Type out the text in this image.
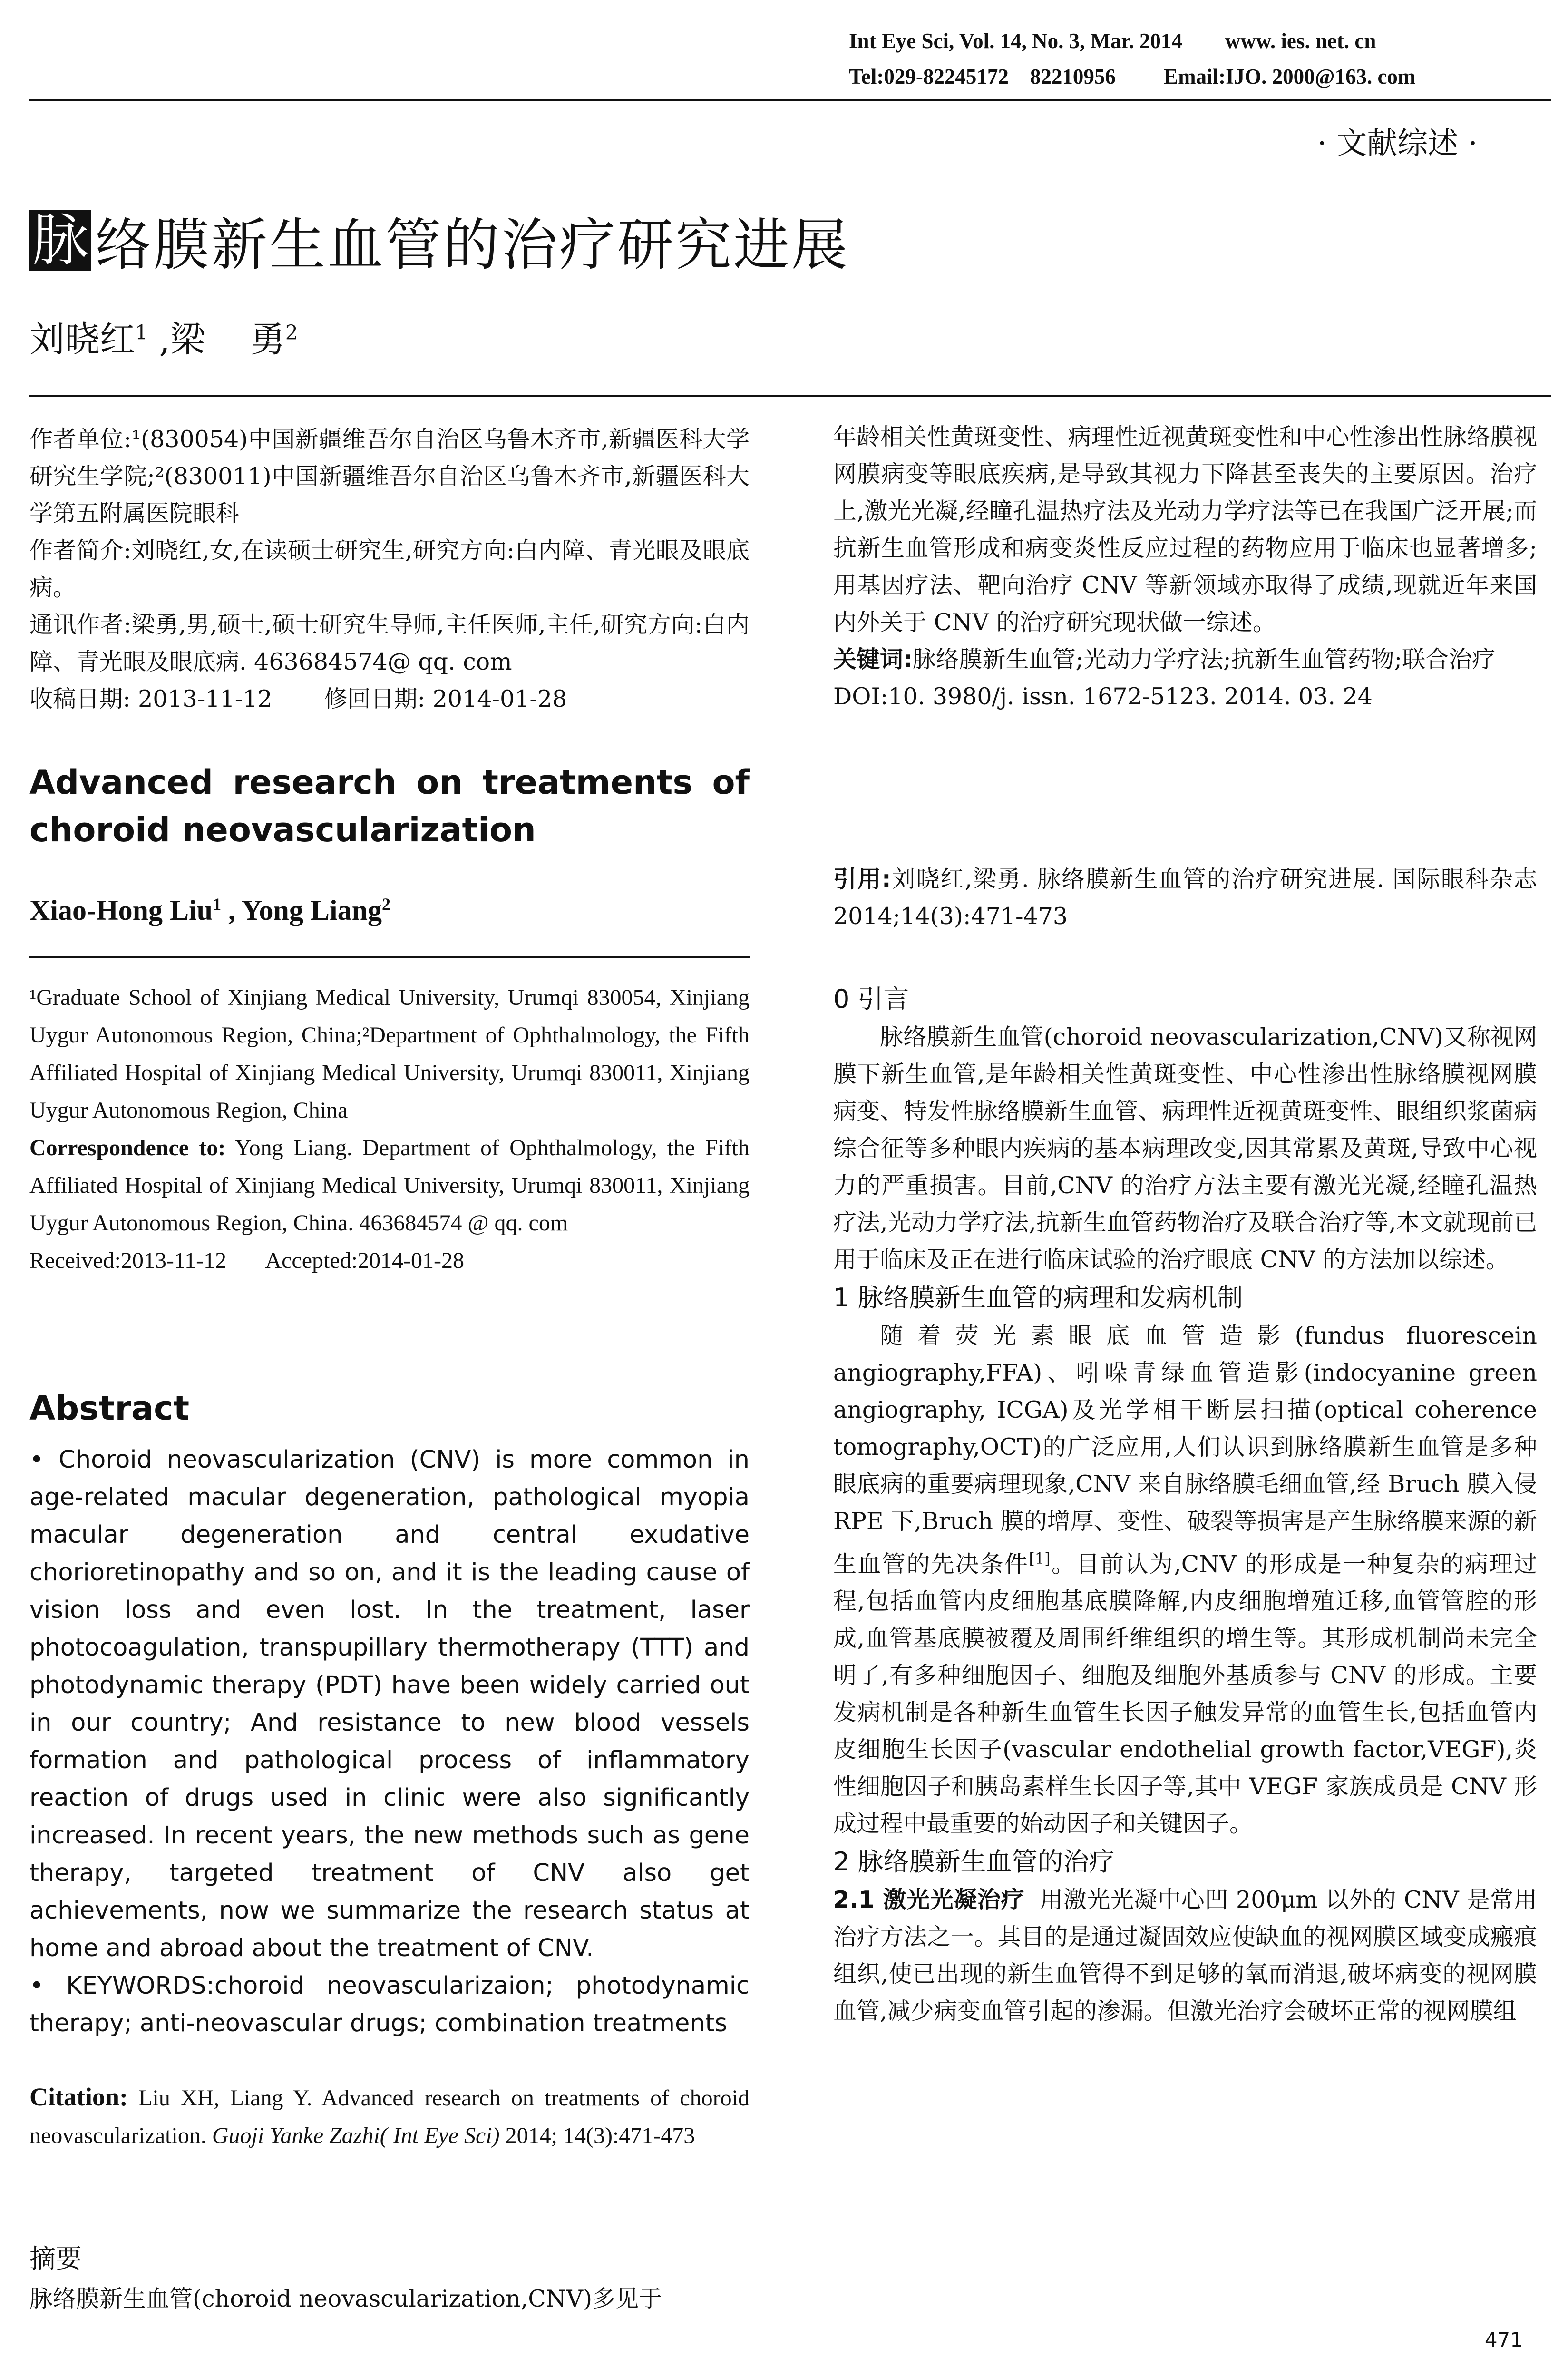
Int Eye Sci, Vol. 14, No. 3, Mar. 2014        www. ies. net. cn
Tel:029-82245172    82210956         Email:IJO. 2000@163. com
· 文献综述 ·
脉 络膜新生血管的治疗研究进展
刘晓红$^1$ ,梁    勇$^2$

作者单位:¹(830054)中国新疆维吾尔自治区乌鲁木齐市,新疆医科大学研究生学院;²(830011)中国新疆维吾尔自治区乌鲁木齐市,新疆医科大学第五附属医院眼科

作者简介:刘晓红,女,在读硕士研究生,研究方向:白内障、青光眼及眼底病。

通讯作者:梁勇,男,硕士,硕士研究生导师,主任医师,主任,研究方向:白内障、青光眼及眼底病. 463684574@ qq. com

收稿日期: 2013-11-12       修回日期: 2014-01-28

Advanced research on treatments of
choroid neovascularization
Xiao-Hong Liu$^1$ , Yong Liang$^2$

¹Graduate School of Xinjiang Medical University, Urumqi 830054, Xinjiang Uygur Autonomous Region, China;²Department of Ophthalmology, the Fifth Affiliated Hospital of Xinjiang Medical University, Urumqi 830011, Xinjiang Uygur Autonomous Region, China

Correspondence to: Yong Liang. Department of Ophthalmology, the Fifth Affiliated Hospital of Xinjiang Medical University, Urumqi 830011, Xinjiang Uygur Autonomous Region, China. 463684574 @ qq. com

Received:2013-11-12       Accepted:2014-01-28

Abstract

• Choroid neovascularization (CNV) is more common in age-related macular degeneration, pathological myopia macular degeneration and central exudative chorioretinopathy and so on, and it is the leading cause of vision loss and even lost. In the treatment, laser photocoagulation, transpupillary thermotherapy (TTT) and photodynamic therapy (PDT) have been widely carried out in our country; And resistance to new blood vessels formation and pathological process of inflammatory reaction of drugs used in clinic were also significantly increased. In recent years, the new methods such as gene therapy, targeted treatment of CNV also get achievements, now we summarize the research status at home and abroad about the treatment of CNV.

• KEYWORDS:choroid neovascularizaion; photodynamic therapy; anti-neovascular drugs; combination treatments

Citation: Liu XH, Liang Y. Advanced research on treatments of choroid neovascularization. Guoji Yanke Zazhi( Int Eye Sci) 2014; 14(3):471-473

摘要

脉络膜新生血管(choroid neovascularization,CNV)多见于

年龄相关性黄斑变性、病理性近视黄斑变性和中心性渗出性脉络膜视网膜病变等眼底疾病,是导致其视力下降甚至丧失的主要原因。治疗上,激光光凝,经瞳孔温热疗法及光动力学疗法等已在我国广泛开展;而抗新生血管形成和病变炎性反应过程的药物应用于临床也显著增多;用基因疗法、靶向治疗 CNV 等新领域亦取得了成绩,现就近年来国内外关于 CNV 的治疗研究现状做一综述。

关键词:脉络膜新生血管;光动力学疗法;抗新生血管药物;联合治疗

DOI:10. 3980/j. issn. 1672-5123. 2014. 03. 24

引用:刘晓红,梁勇. 脉络膜新生血管的治疗研究进展. 国际眼科杂志 2014;14(3):471-473

0 引言

脉络膜新生血管(choroid neovascularization,CNV)又称视网膜下新生血管,是年龄相关性黄斑变性、中心性渗出性脉络膜视网膜病变、特发性脉络膜新生血管、病理性近视黄斑变性、眼组织浆菌病综合征等多种眼内疾病的基本病理改变,因其常累及黄斑,导致中心视力的严重损害。目前,CNV 的治疗方法主要有激光光凝,经瞳孔温热疗法,光动力学疗法,抗新生血管药物治疗及联合治疗等,本文就现前已用于临床及正在进行临床试验的治疗眼底 CNV 的方法加以综述。

1 脉络膜新生血管的病理和发病机制

随着荧光素眼底血管造影(fundus fluorescein angiography,FFA)、吲哚青绿血管造影(indocyanine green angiography, ICGA)及光学相干断层扫描(optical coherence tomography,OCT)的广泛应用,人们认识到脉络膜新生血管是多种眼底病的重要病理现象,CNV 来自脉络膜毛细血管,经 Bruch 膜入侵 RPE 下,Bruch 膜的增厚、变性、破裂等损害是产生脉络膜来源的新生血管的先决条件[1]。目前认为,CNV 的形成是一种复杂的病理过程,包括血管内皮细胞基底膜降解,内皮细胞增殖迁移,血管管腔的形成,血管基底膜被覆及周围纤维组织的增生等。其形成机制尚未完全明了,有多种细胞因子、细胞及细胞外基质参与 CNV 的形成。主要发病机制是各种新生血管生长因子触发异常的血管生长,包括血管内皮细胞生长因子(vascular endothelial growth factor,VEGF),炎性细胞因子和胰岛素样生长因子等,其中 VEGF 家族成员是 CNV 形成过程中最重要的始动因子和关键因子。

2 脉络膜新生血管的治疗

2.1 激光光凝治疗  用激光光凝中心凹 200μm 以外的 CNV 是常用治疗方法之一。其目的是通过凝固效应使缺血的视网膜区域变成瘢痕组织,使已出现的新生血管得不到足够的氧而消退,破坏病变的视网膜血管,减少病变血管引起的渗漏。但激光治疗会破坏正常的视网膜组

471
